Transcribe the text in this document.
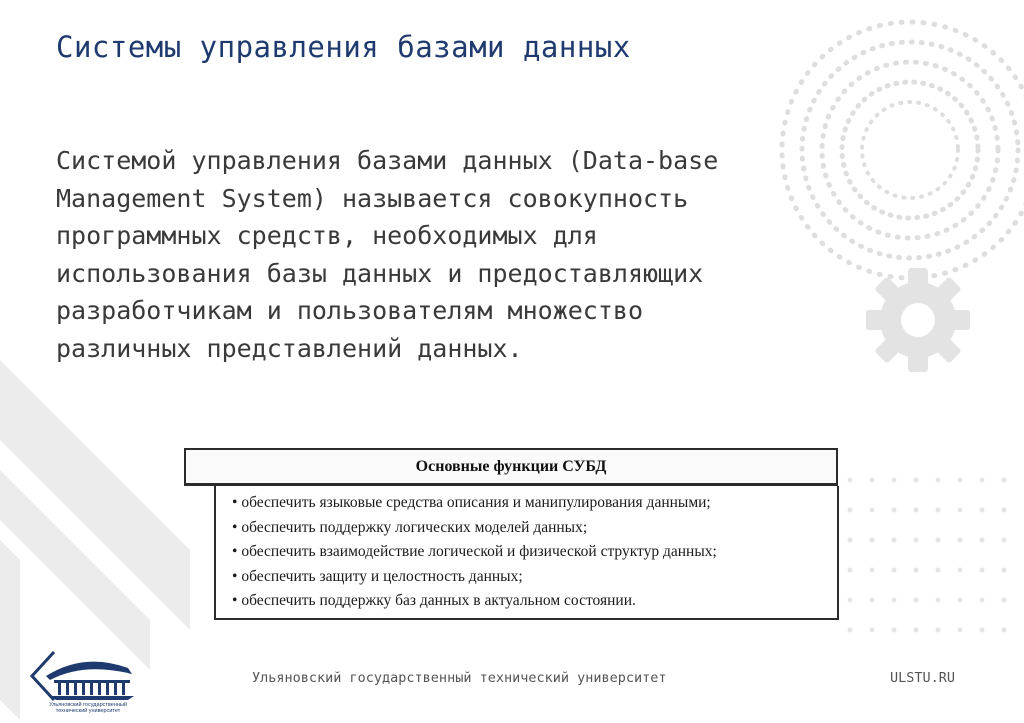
Системы управления базами данных

Системой управления базами данных (Data-base
Management System) называется совокупность
программных средств, необходимых для
использования базы данных и предоставляющих
разработчикам и пользователям множество
различных представлений данных.

Основные функции СУБД
• обеспечить языковые средства описания и манипулирования данными;
• обеспечить поддержку логических моделей данных;
• обеспечить взаимодействие логической и физической структур данных;
• обеспечить защиту и целостность данных;
• обеспечить поддержку баз данных в актуальном состоянии.
Ульяновский государственный технический университет
Ульяновский государственный технический университет	ULSTU.RU
